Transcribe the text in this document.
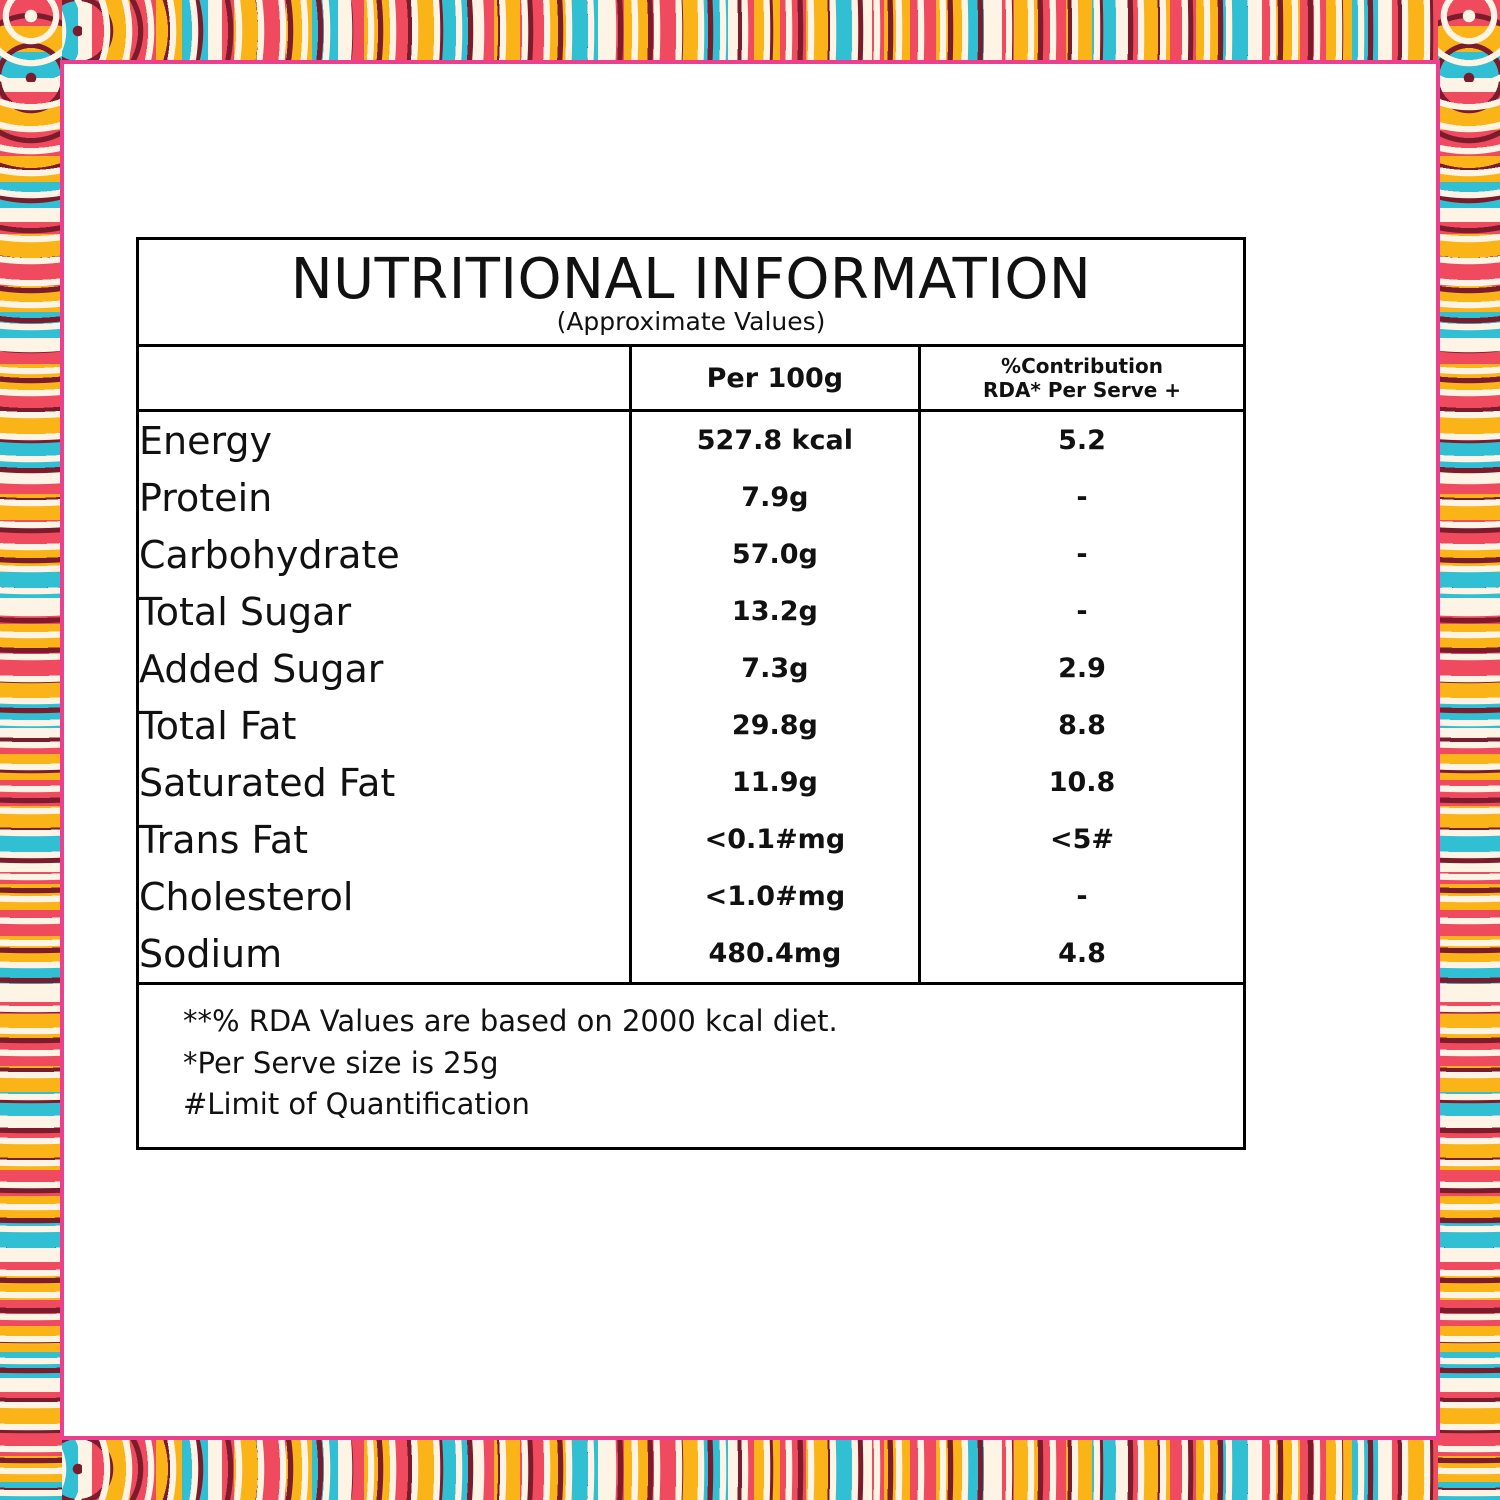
NUTRITIONAL INFORMATION
(Approximate Values)
	Per 100g	%Contribution
RDA* Per Serve +

Energy	527.8 kcal	5.2
Protein	7.9g	-
Carbohydrate	57.0g	-
Total Sugar	13.2g	-
Added Sugar	7.3g	2.9
Total Fat	29.8g	8.8
Saturated Fat	11.9g	10.8
Trans Fat	<0.1#mg	<5#
Cholesterol	<1.0#mg	-
Sodium	480.4mg	4.8
**% RDA Values are based on 2000 kcal diet.
*Per Serve size is 25g
#Limit of Quantification
